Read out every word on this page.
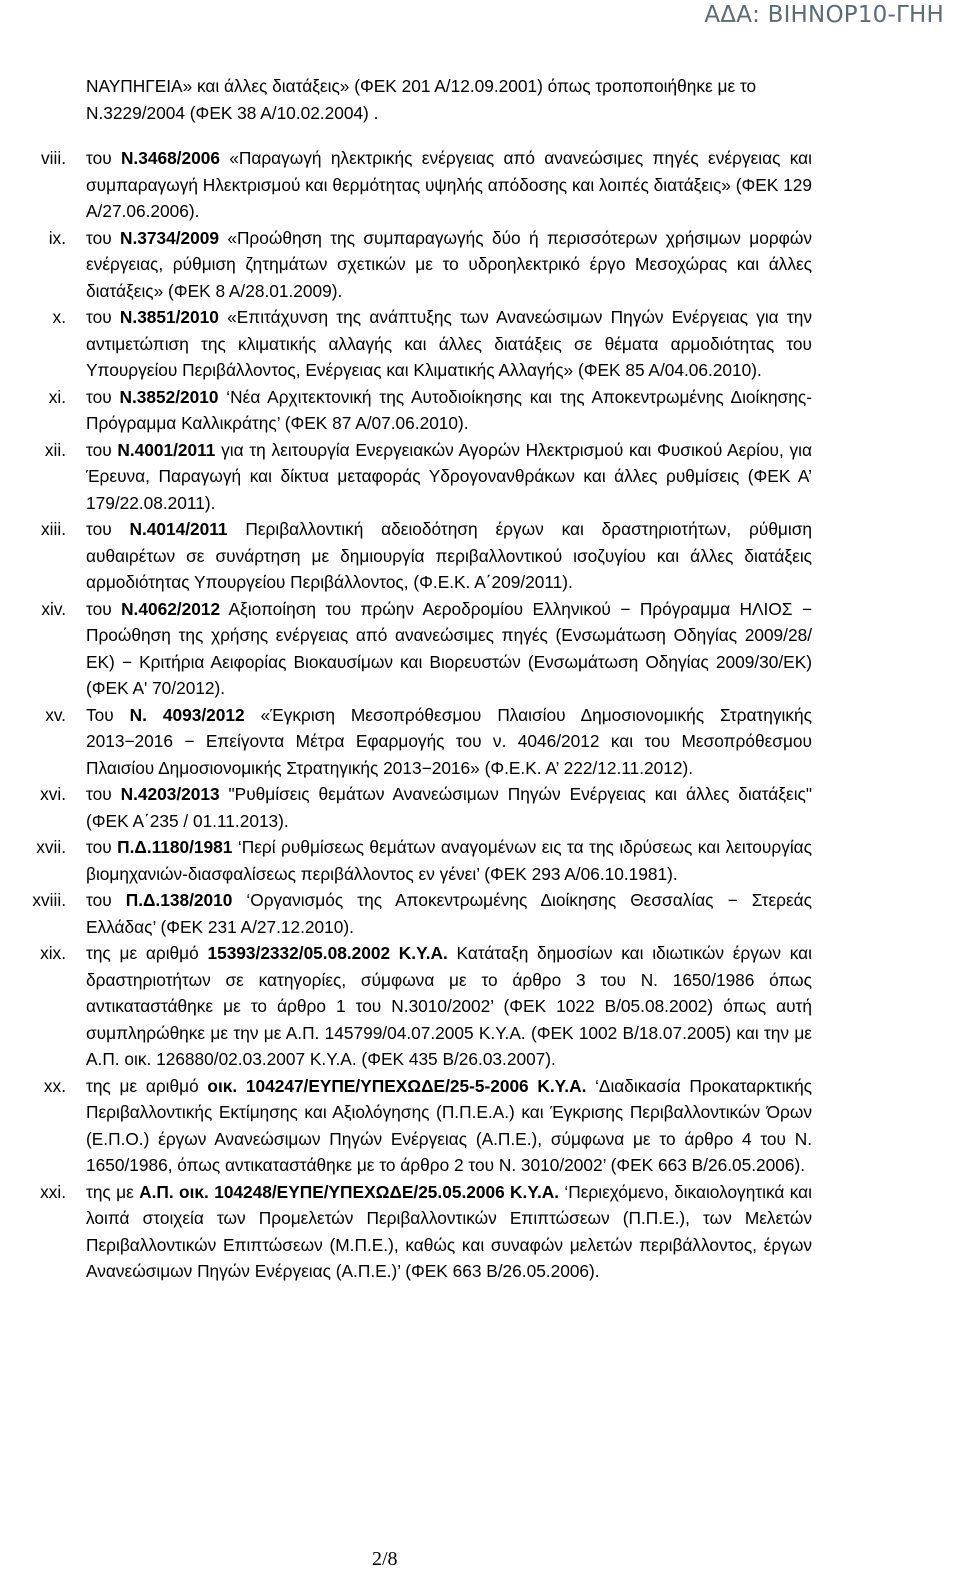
ΑΔΑ: ΒΙΗΝΟΡ10-ΓΗΗ
ΝΑΥΠΗΓΕΙΑ» και άλλες διατάξεις» (ΦΕΚ 201 Α/12.09.2001) όπως τροποποιήθηκε με το Ν.3229/2004 (ΦΕΚ 38 Α/10.02.2004) .
viii. του Ν.3468/2006 «Παραγωγή ηλεκτρικής ενέργειας από ανανεώσιμες πηγές ενέργειας και συμπαραγωγή Ηλεκτρισμού και θερμότητας υψηλής απόδοσης και λοιπές διατάξεις» (ΦΕΚ 129 Α/27.06.2006).
ix. του Ν.3734/2009 «Προώθηση της συμπαραγωγής δύο ή περισσότερων χρήσιμων μορφών ενέργειας, ρύθμιση ζητημάτων σχετικών με το υδροηλεκτρικό έργο Μεσοχώρας και άλλες διατάξεις» (ΦΕΚ 8 Α/28.01.2009).
x. του Ν.3851/2010 «Επιτάχυνση της ανάπτυξης των Ανανεώσιμων Πηγών Ενέργειας για την αντιμετώπιση της κλιματικής αλλαγής και άλλες διατάξεις σε θέματα αρμοδιότητας του Υπουργείου Περιβάλλοντος, Ενέργειας και Κλιματικής Αλλαγής» (ΦΕΚ 85 Α/04.06.2010).
xi. του Ν.3852/2010 ‘Νέα Αρχιτεκτονική της Αυτοδιοίκησης και της Αποκεντρωμένης Διοίκησης- Πρόγραμμα Καλλικράτης’ (ΦΕΚ 87 Α/07.06.2010).
xii. του Ν.4001/2011 για τη λειτουργία Ενεργειακών Αγορών Ηλεκτρισμού και Φυσικού Αερίου, για Έρευνα, Παραγωγή και δίκτυα μεταφοράς Υδρογονανθράκων και άλλες ρυθμίσεις (ΦΕΚ Α’ 179/22.08.2011).
xiii. του Ν.4014/2011 Περιβαλλοντική αδειοδότηση έργων και δραστηριοτήτων, ρύθμιση αυθαιρέτων σε συνάρτηση με δημιουργία περιβαλλοντικού ισοζυγίου και άλλες διατάξεις αρμοδιότητας Υπουργείου Περιβάλλοντος, (Φ.Ε.Κ. Α΄209/2011).
xiv. του Ν.4062/2012 Αξιοποίηση του πρώην Αεροδρομίου Ελληνικού − Πρόγραμμα ΗΛΙΟΣ − Προώθηση της χρήσης ενέργειας από ανανεώσιμες πηγές (Ενσωμάτωση Οδηγίας 2009/28/ΕΚ) − Κριτήρια Αειφορίας Βιοκαυσίμων και Βιορευστών (Ενσωμάτωση Οδηγίας 2009/30/ΕΚ) (ΦΕΚ Α' 70/2012).
xv. Του Ν. 4093/2012 «Έγκριση Μεσοπρόθεσμου Πλαισίου Δημοσιονομικής Στρατηγικής 2013−2016 − Επείγοντα Μέτρα Εφαρμογής του ν. 4046/2012 και του Μεσοπρόθεσμου Πλαισίου Δημοσιονομικής Στρατηγικής 2013−2016» (Φ.Ε.Κ. Α’ 222/12.11.2012).
xvi. του Ν.4203/2013 "Ρυθμίσεις θεμάτων Ανανεώσιμων Πηγών Ενέργειας και άλλες διατάξεις" (ΦΕΚ Α΄235 / 01.11.2013).
xvii. του Π.Δ.1180/1981 ‘Περί ρυθμίσεως θεμάτων αναγομένων εις τα της ιδρύσεως και λειτουργίας βιομηχανιών-διασφαλίσεως περιβάλλοντος εν γένει’ (ΦΕΚ 293 Α/06.10.1981).
xviii. του Π.Δ.138/2010 ‘Οργανισμός της Αποκεντρωμένης Διοίκησης Θεσσαλίας − Στερεάς Ελλάδας’ (ΦΕΚ 231 Α/27.12.2010).
xix. της με αριθμό 15393/2332/05.08.2002 Κ.Υ.Α. Κατάταξη δημοσίων και ιδιωτικών έργων και δραστηριοτήτων σε κατηγορίες, σύμφωνα με το άρθρο 3 του Ν. 1650/1986 όπως αντικαταστάθηκε με το άρθρο 1 του Ν.3010/2002’ (ΦΕΚ 1022 Β/05.08.2002) όπως αυτή συμπληρώθηκε με την με Α.Π. 145799/04.07.2005 Κ.Υ.Α. (ΦΕΚ 1002 Β/18.07.2005) και την με Α.Π. οικ. 126880/02.03.2007 Κ.Υ.Α. (ΦΕΚ 435 Β/26.03.2007).
xx. της με αριθμό οικ. 104247/ΕΥΠΕ/ΥΠΕΧΩΔΕ/25-5-2006 Κ.Υ.Α. ‘Διαδικασία Προκαταρκτικής Περιβαλλοντικής Εκτίμησης και Αξιολόγησης (Π.Π.Ε.Α.) και Έγκρισης Περιβαλλοντικών Όρων (Ε.Π.Ο.) έργων Ανανεώσιμων Πηγών Ενέργειας (Α.Π.Ε.), σύμφωνα με το άρθρο 4 του Ν. 1650/1986, όπως αντικαταστάθηκε με το άρθρο 2 του Ν. 3010/2002’ (ΦΕΚ 663 Β/26.05.2006).
xxi. της με Α.Π. οικ. 104248/ΕΥΠΕ/ΥΠΕΧΩΔΕ/25.05.2006 Κ.Υ.Α. ‘Περιεχόμενο, δικαιολογητικά και λοιπά στοιχεία των Προμελετών Περιβαλλοντικών Επιπτώσεων (Π.Π.Ε.), των Μελετών Περιβαλλοντικών Επιπτώσεων (Μ.Π.Ε.), καθώς και συναφών μελετών περιβάλλοντος, έργων Ανανεώσιμων Πηγών Ενέργειας (Α.Π.Ε.)’ (ΦΕΚ 663 Β/26.05.2006).
2/8
